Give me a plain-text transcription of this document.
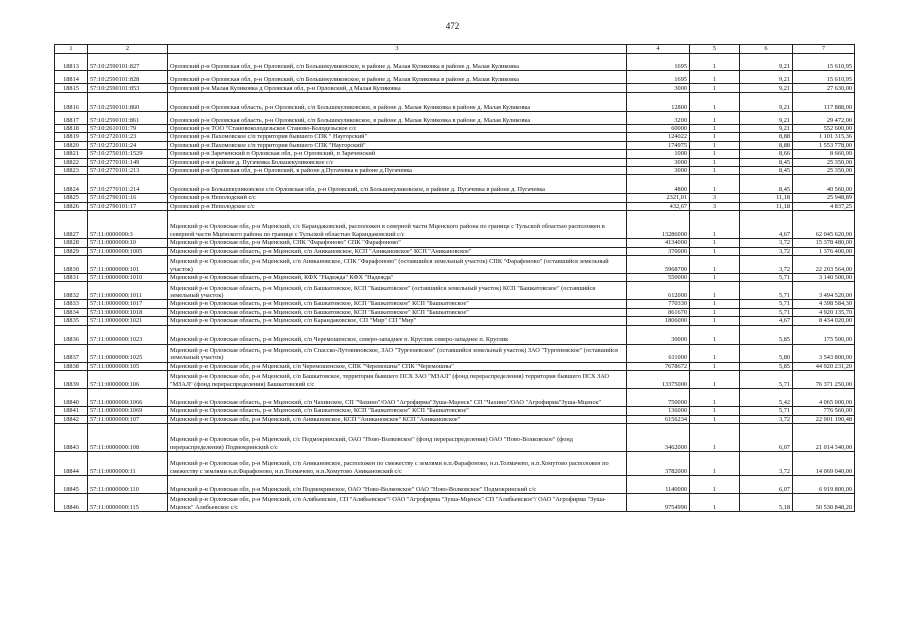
472
1	2	3	4	5	6	7
18813	57:10:2590101:827	Орловский р-н Орловская обл, р-н Орловский, с/п Большекуликовское, в районе д. Малая Куликовка в районе д. Малая Куликовка	1695	1	9,21	15 610,95
18814	57:10:2590101:828	Орловский р-н Орловская обл, р-н Орловский, с/п Большекуликовское, в районе д. Малая Куликовка в районе д. Малая Куликовка	1695	1	9,21	15 610,95
18815	57:10:2590101:853	Орловский р-н Малая Куликовка д Орловская обл, р-н Орловский, д Малая Куликовка	3000	1	9,21	27 630,00
18816	57:10:2590101:860	Орловский р-н Орловская область, р-н Орловский, с/п Большекуликовское, в районе д. Малая Куликовка в районе д. Малая Куликовка	12800	1	9,21	117 888,00
18817	57:10:2590101:861	Орловский р-н Орловская область, р-н Орловский, с/п Большекуликовское, в районе д. Малая Куликовка в районе д. Малая Куликовка	3200	1	9,21	29 472,00
18818	57:10:2610101:79	Орловский р-н ТОО "Становоколодезьское Станово-Колодезьское с/с	60000	1	9,21	552 600,00
18819	57:10:2720101:23	Орловский р-н Пахомовское с/п территория бывшего СПК " Наугорский"	124022	1	8,88	1 101 315,36
18820	57:10:2720101:24	Орловский р-н Пахомовское с/п территория бывшего СПК "Наугорский"	174975	1	8,88	1 553 778,00
18821	57:10:2750101:1529	Орловский р-н Зареченский п Орловская обл, р-н Орловский, п Зареченский	1000	1	8,66	8 660,00
18822	57:10:2770101:149	Орловский р-н в районе д. Пугачевка Большекуликовское с/с	3000	1	8,45	25 350,00
18823	57:10:2770101:213	Орловский р-н Орловская обл, р-н Орловский, в районе д.Пугачевка в районе д.Пугачевка	3000	1	8,45	25 350,00
18824	57:10:2770101:214	Орловский р-н Большекуликовское с/п Орловская обл, р-н Орловский, с/п Большекуликовское, в районе д. Пугачевка в районе д. Пугачевка	4800	1	8,45	40 560,00
18825	57:10:2790101:16	Орловский р-н Неполодский с/с	2321,01	3	11,18	25 948,89
18826	57:10:2790101:17	Орловский р-н Неполодское с/с	432,67	3	11,18	4 837,25
18827	57:11:0000000:3	Мценский р-н Орловская обл, р-н Мценский, с/с Карандаковский, расположен в северной части Мценского района по границе с Тульской областью расположен в северной части Мценского района по границе с Тульской областью Карандаковский с/с	13286000	1	4,67	62 045 620,00
18828	57:11:0000000:10	Мценский р-н Орловская обл, р-н Мценский, СПК "Фарафоново" СПК "Фарафоново"	4134000	1	3,72	15 378 480,00
18829	57:11:0000000:1005	Мценский р-н Орловская область, р-н Мценский, с/п Аникановское, КСП "Аникановское" КСП "Аникановское"	370000	1	3,72	1 376 400,00
18830	57:11:0000000:101	Мценский р-н Орловская обл, р-н Мценский, с/п Аникановское, СПК "Фарафоново" (оставшийся земельный участок) СПК "Фарафоново" (оставшийся земельный участок)	5968700	1	3,72	22 203 564,00
18831	57:11:0000000:1010	Мценский р-н Орловская область, р-н Мценский, КФХ "Надежда" КФХ "Надежда"	550000	1	5,71	3 140 500,00
18832	57:11:0000000:1011	Мценский р-н Орловская область, р-н Мценский, с/п Башкатовское, КСП "Башкатовское" (оставшийся земельный участок) КСП "Башкатовское" (оставшийся земельный участок)	612000	1	5,71	3 494 520,00
18833	57:11:0000000:1017	Мценский р-н Орловская область, р-н Мценский, с/п Башкатовское, КСП "Башкатовское" КСП "Башкатовское"	770330	1	5,71	4 398 584,30
18834	57:11:0000000:1018	Мценский р-н Орловская область, р-н Мценский, с/п Башкатовское, КСП "Башкатовское" КСП "Башкатовское"	861670	1	5,71	4 920 135,70
18835	57:11:0000000:1021	Мценский р-н Орловская область, р-н Мценский, с/п Карандаковское, СП "Мир" СП "Мир"	1806000	1	4,67	8 434 020,00
18836	57:11:0000000:1023	Мценский р-н Орловская область, р-н Мценский, с/п Черемошенское, северо-западнее п. Круглик северо-западнее п. Круглик	30000	1	5,85	175 500,00
18837	57:11:0000000:1025	Мценский р-н Орловская область, р-н Мценский, с/п Спасско-Лутовиновское, ЗАО "Тургеневское" (оставшийся земельный участок) ЗАО "Тургеневское" (оставшийся земельный участок)	611000	1	5,80	3 543 800,00
18838	57:11:0000000:105	Мценский р-н Орловская обл, р-н Мценский, с/п Черемошенское, СПК "Черемошны" СПК "Черемошны"	7678672	1	5,85	44 920 231,20
18839	57:11:0000000:106	Мценский р-н Орловская обл, р-н Мценский, с/п Башкатовское, территория бывшего ПСХ ЗАО "МЗАЛ" (фонд перераспределения) территория бывшего ПСХ ЗАО "МЗАЛ" (фонд перераспределения) Башкатовский с/с	13375000	1	5,71	76 371 250,00
18840	57:11:0000000:1066	Мценский р-н Орловская область, р-н Мценский, с/п Чахинское, СП "Чахино"/ОАО "Агрофирма"Зуша-Мценск" СП "Чахино"/ОАО "Агрофирма"Зуша-Мценск"	750000	1	5,42	4 065 000,00
18841	57:11:0000000:1069	Мценский р-н Орловская область, р-н Мценский, с/п Башкатовское, КСП "Башкатовское" КСП "Башкатовское"	136000	1	5,71	776 560,00
18842	57:11:0000000:107	Мценский р-н Орловская обл, р-н Мценский, с/п Аникановское, КСП "Аникановское" КСП "Аникановское"	6156234	1	3,72	22 901 190,48
18843	57:11:0000000:108	Мценский р-н Орловская обл, р-н Мценский, с/с Подмокринский, ОАО "Ново-Волковское" (фонд перераспределения) ОАО "Ново-Волковское" (фонд перераспределения) Подмокринский с/с	3462000	1	6,07	21 014 340,00
18844	57:11:0000000:11	Мценский р-н Орловская обл, р-н Мценский, с/п Аникановское, расположен по смежеству с землями н.п.Фарафоново, н.п.Толмачево, н.п.Хомутово расположен по смежеству с землями н.п.Фарафоново, н.п.Толмачево, н.п.Хомутово Аникановский с/с	3782000	1	3,72	14 069 040,00
18845	57:11:0000000:110	Мценский р-н Орловская обл, р-н Мценский, с/п Подмокринское, ОАО "Ново-Волковское" ОАО "Ново-Волковское" Подмокринский с/с	1140000	1	6,07	6 919 800,00
18846	57:11:0000000:115	Мценский р-н Орловская обл, р-н Мценский, с/п Алябьевское, СП "Алябьевское"/ ОАО "Агрофирма "Зуша-Мценск" СП "Алябьевское"/ ОАО "Агрофирма "Зуша-Мценск" Алябьевское с/с	9754990	1	5,18	50 530 848,20
